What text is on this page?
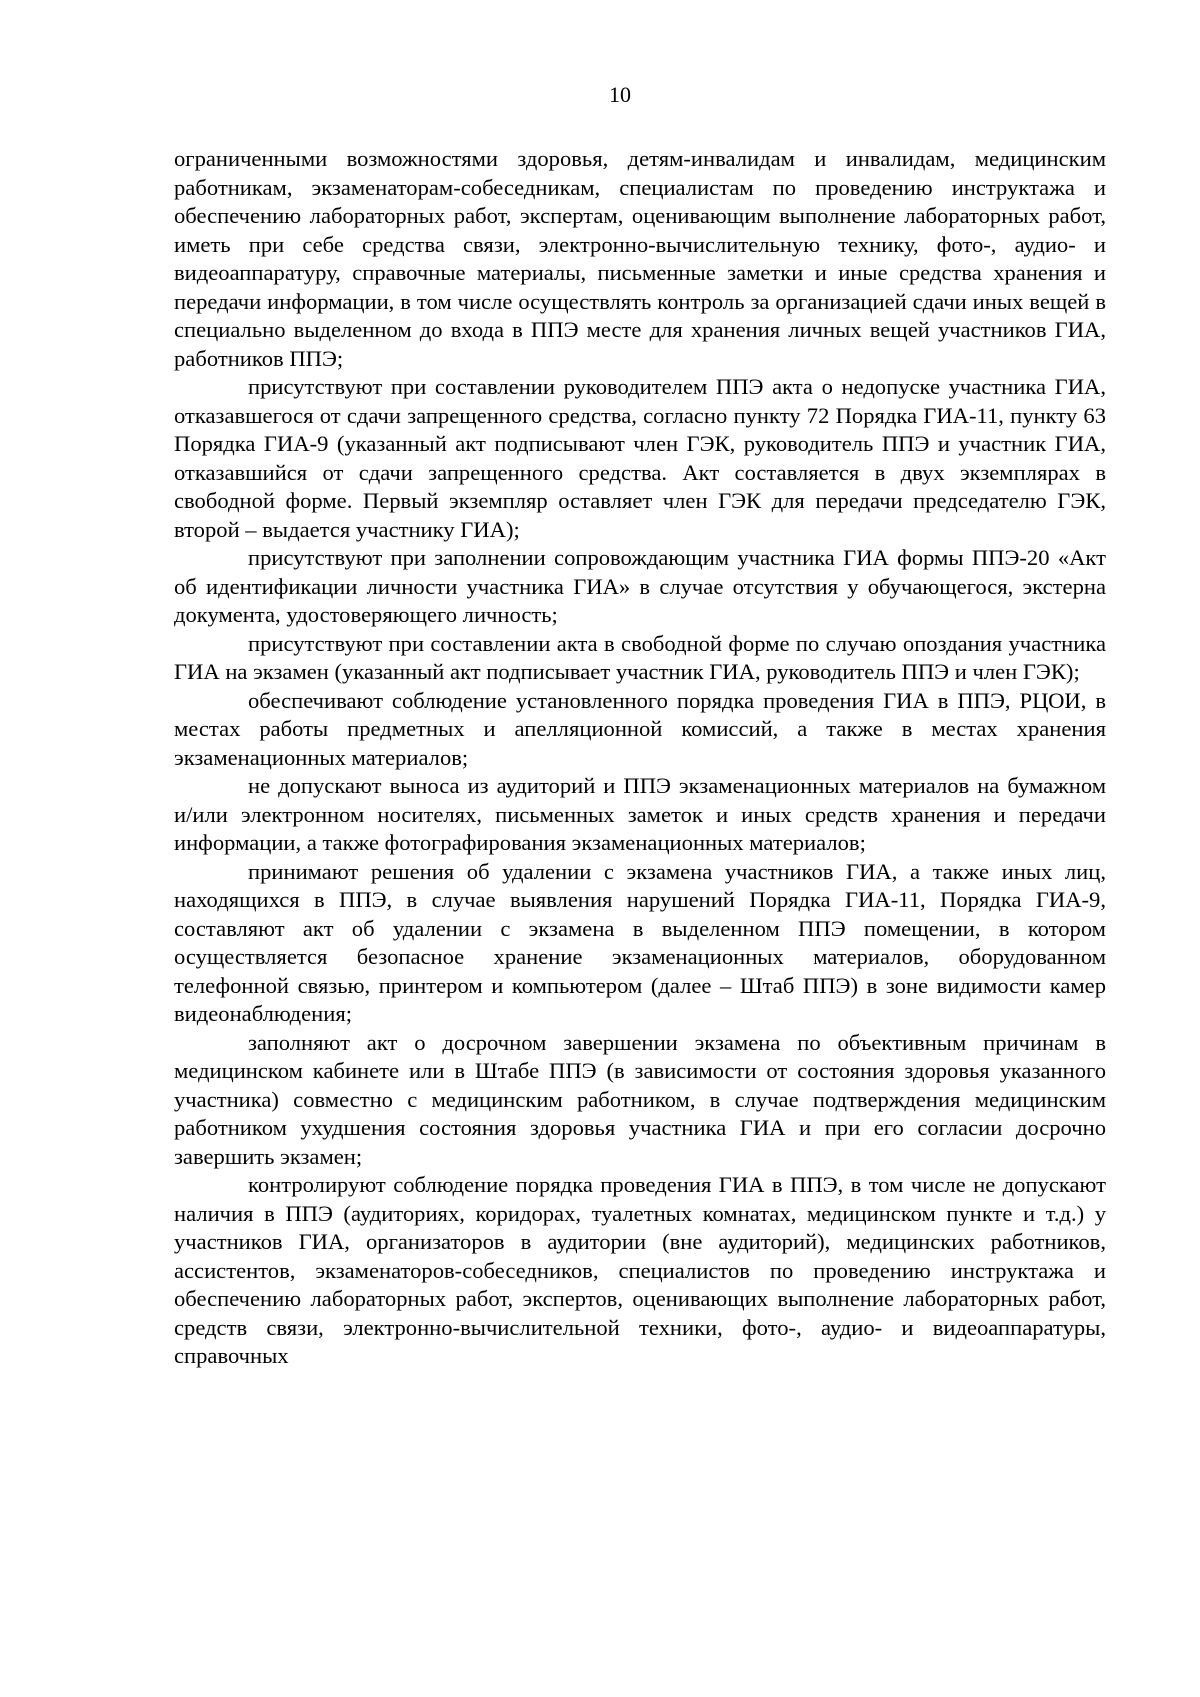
10

ограниченными возможностями здоровья, детям-инвалидам и инвалидам, медицинским работникам, экзаменаторам-собеседникам, специалистам по проведению инструктажа и обеспечению лабораторных работ, экспертам, оценивающим выполнение лабораторных работ, иметь при себе средства связи, электронно-вычислительную технику, фото-, аудио- и видеоаппаратуру, справочные материалы, письменные заметки и иные средства хранения и передачи информации, в том числе осуществлять контроль за организацией сдачи иных вещей в специально выделенном до входа в ППЭ месте для хранения личных вещей участников ГИА, работников ППЭ;

присутствуют при составлении руководителем ППЭ акта о недопуске участника ГИА, отказавшегося от сдачи запрещенного средства, согласно пункту 72 Порядка ГИА-11, пункту 63 Порядка ГИА-9 (указанный акт подписывают член ГЭК, руководитель ППЭ и участник ГИА, отказавшийся от сдачи запрещенного средства. Акт составляется в двух экземплярах в свободной форме. Первый экземпляр оставляет член ГЭК для передачи председателю ГЭК, второй – выдается участнику ГИА);

присутствуют при заполнении сопровождающим участника ГИА формы ППЭ-20 «Акт об идентификации личности участника ГИА» в случае отсутствия у обучающегося, экстерна документа, удостоверяющего личность;

присутствуют при составлении акта в свободной форме по случаю опоздания участника ГИА на экзамен (указанный акт подписывает участник ГИА, руководитель ППЭ и член ГЭК);

обеспечивают соблюдение установленного порядка проведения ГИА в ППЭ, РЦОИ, в местах работы предметных и апелляционной комиссий, а также в местах хранения экзаменационных материалов;

не допускают выноса из аудиторий и ППЭ экзаменационных материалов на бумажном и/или электронном носителях, письменных заметок и иных средств хранения и передачи информации, а также фотографирования экзаменационных материалов;

принимают решения об удалении с экзамена участников ГИА, а также иных лиц, находящихся в ППЭ, в случае выявления нарушений Порядка ГИА-11, Порядка ГИА-9, составляют акт об удалении с экзамена в выделенном ППЭ помещении, в котором осуществляется безопасное хранение экзаменационных материалов, оборудованном телефонной связью, принтером и компьютером (далее – Штаб ППЭ) в зоне видимости камер видеонаблюдения;

заполняют акт о досрочном завершении экзамена по объективным причинам в медицинском кабинете или в Штабе ППЭ (в зависимости от состояния здоровья указанного участника) совместно с медицинским работником, в случае подтверждения медицинским работником ухудшения состояния здоровья участника ГИА и при его согласии досрочно завершить экзамен;

контролируют соблюдение порядка проведения ГИА в ППЭ, в том числе не допускают наличия в ППЭ (аудиториях, коридорах, туалетных комнатах, медицинском пункте и т.д.) у участников ГИА, организаторов в аудитории (вне аудиторий), медицинских работников, ассистентов, экзаменаторов-собеседников, специалистов по проведению инструктажа и обеспечению лабораторных работ, экспертов, оценивающих выполнение лабораторных работ, средств связи, электронно-вычислительной техники, фото-, аудио- и видеоаппаратуры, справочных
